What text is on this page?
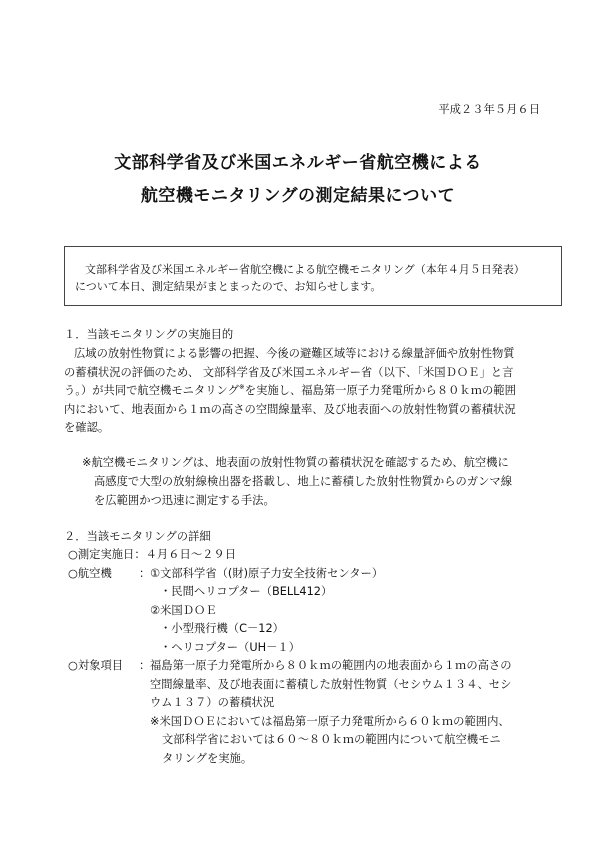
平成２３年５月６日
文部科学省及び米国エネルギー省航空機による
航空機モニタリングの測定結果について
文部科学省及び米国エネルギー省航空機による航空機モニタリング（本年４月５日発表）
について本日、測定結果がまとまったので、お知らせします。
１．当該モニタリングの実施目的
広域の放射性物質による影響の把握、今後の避難区域等における線量評価や放射性物質
の蓄積状況の評価のため、 文部科学省及び米国エネルギー省（以下、「米国ＤＯＥ」と言
う。）が共同で航空機モニタリング※を実施し、福島第一原子力発電所から８０ｋｍの範囲
内において、地表面から１ｍの高さの空間線量率、及び地表面への放射性物質の蓄積状況
を確認。
※航空機モニタリングは、地表面の放射性物質の蓄積状況を確認するため、航空機に
高感度で大型の放射線検出器を搭載し、地上に蓄積した放射性物質からのガンマ線
を広範囲かつ迅速に測定する手法。
２．当該モニタリングの詳細
○測定実施日：４月６日～２９日
○航空機 ： ①文部科学省（(財)原子力安全技術センター）
・民間ヘリコプター（BELL412）
②米国ＤＯＥ
・小型飛行機（C－12）
・ヘリコプター（UH－１）
○対象項目 ： 福島第一原子力発電所から８０ｋｍの範囲内の地表面から１ｍの高さの
空間線量率、及び地表面に蓄積した放射性物質（セシウム１３４、セシ
ウム１３７）の蓄積状況
※米国ＤＯＥにおいては福島第一原子力発電所から６０ｋｍの範囲内、
文部科学省においては６０～８０ｋｍの範囲内について航空機モニ
タリングを実施。
